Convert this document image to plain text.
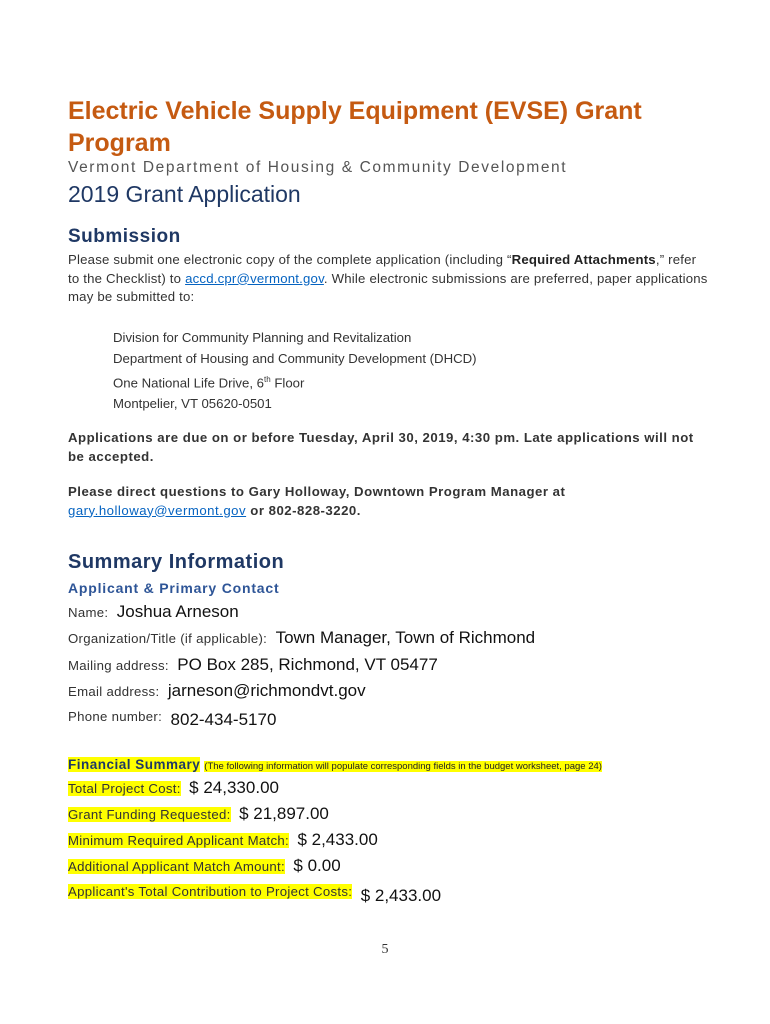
Electric Vehicle Supply Equipment (EVSE) Grant Program

Vermont Department of Housing & Community Development

2019 Grant Application
Submission

Please submit one electronic copy of the complete application (including “Required Attachments,” refer to the Checklist) to accd.cpr@vermont.gov. While electronic submissions are preferred, paper applications may be submitted to:

Division for Community Planning and Revitalization
Department of Housing and Community Development (DHCD)
One National Life Drive, 6th Floor
Montpelier, VT 05620-0501

Applications are due on or before Tuesday, April 30, 2019, 4:30 pm. Late applications will not be accepted.

Please direct questions to Gary Holloway, Downtown Program Manager at gary.holloway@vermont.gov or 802-828-3220.

Summary Information
Applicant & Primary Contact
Name: Joshua Arneson
Organization/Title (if applicable): Town Manager, Town of Richmond
Mailing address: PO Box 285, Richmond, VT 05477
Email address: jarneson@richmondvt.gov
$^{Phone number:}$ 802-434-5170
Financial Summary (The following information will populate corresponding fields in the budget worksheet, page 24)
Total Project Cost: $ 24,330.00
Grant Funding Requested: $ 21,897.00
Minimum Required Applicant Match: $ 2,433.00
Additional Applicant Match Amount: $ 0.00
Applicant's Total Contribution to Project Costs: $ 2,433.00
5
